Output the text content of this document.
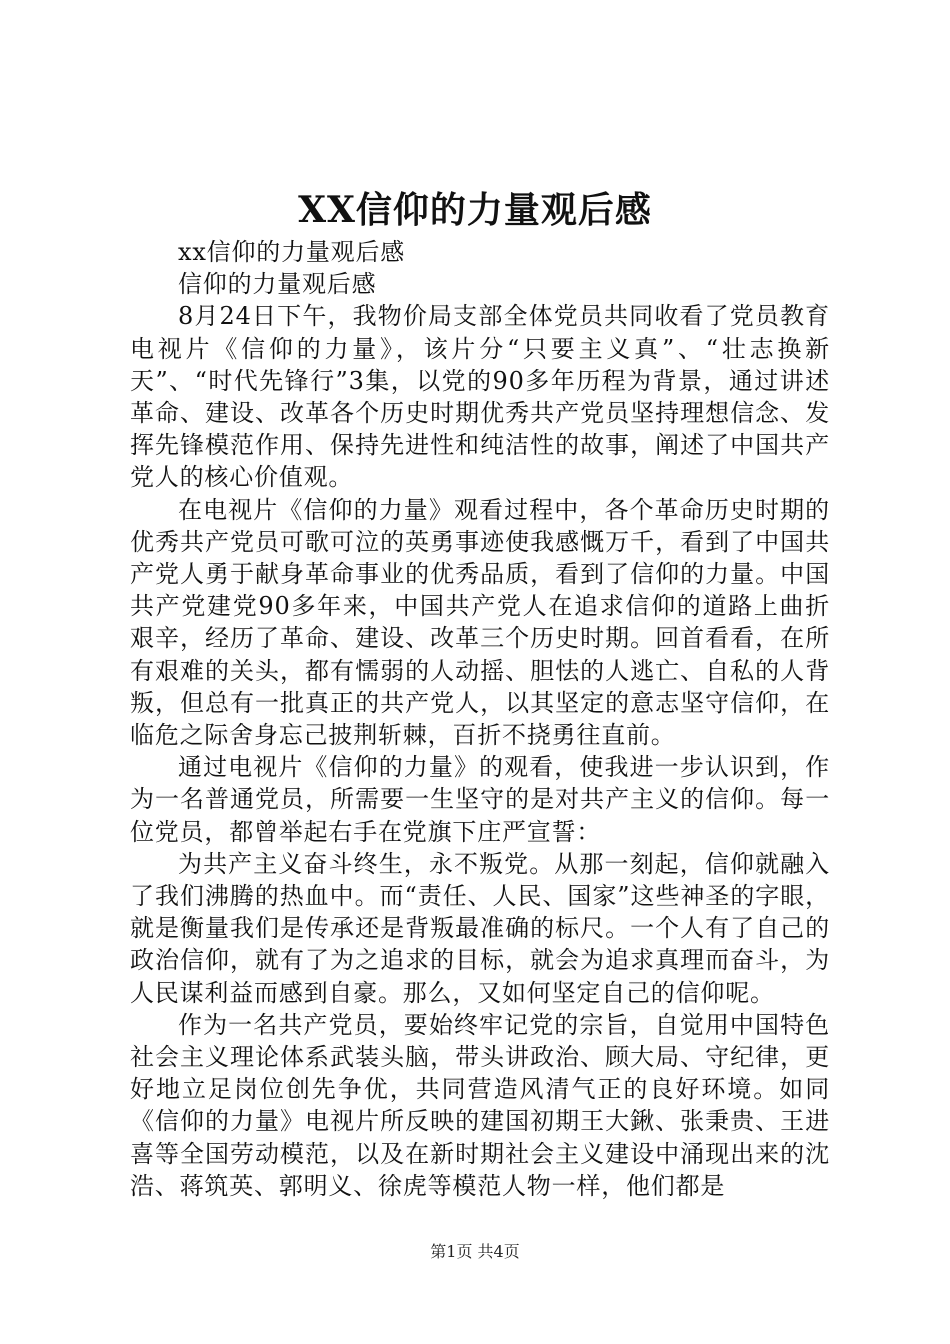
XX信仰的力量观后感

xx信仰的力量观后感

信仰的力量观后感

8月24日下午，我物价局支部全体党员共同收看了党员教育电视片《信仰的力量》，该片分“只要主义真”、“壮志换新天”、“时代先锋行”3集，以党的90多年历程为背景，通过讲述革命、建设、改革各个历史时期优秀共产党员坚持理想信念、发挥先锋模范作用、保持先进性和纯洁性的故事，阐述了中国共产党人的核心价值观。

在电视片《信仰的力量》观看过程中，各个革命历史时期的优秀共产党员可歌可泣的英勇事迹使我感慨万千，看到了中国共产党人勇于献身革命事业的优秀品质，看到了信仰的力量。中国共产党建党90多年来，中国共产党人在追求信仰的道路上曲折艰辛，经历了革命、建设、改革三个历史时期。回首看看，在所有艰难的关头，都有懦弱的人动摇、胆怯的人逃亡、自私的人背叛，但总有一批真正的共产党人，以其坚定的意志坚守信仰，在临危之际舍身忘己披荆斩棘，百折不挠勇往直前。

通过电视片《信仰的力量》的观看，使我进一步认识到，作为一名普通党员，所需要一生坚守的是对共产主义的信仰。每一位党员，都曾举起右手在党旗下庄严宣誓：

为共产主义奋斗终生，永不叛党。从那一刻起，信仰就融入了我们沸腾的热血中。而“责任、人民、国家”这些神圣的字眼，就是衡量我们是传承还是背叛最准确的标尺。一个人有了自己的政治信仰，就有了为之追求的目标，就会为追求真理而奋斗，为人民谋利益而感到自豪。那么，又如何坚定自己的信仰呢。

作为一名共产党员，要始终牢记党的宗旨，自觉用中国特色社会主义理论体系武装头脑，带头讲政治、顾大局、守纪律，更好地立足岗位创先争优，共同营造风清气正的良好环境。如同《信仰的力量》电视片所反映的建国初期王大鍬、张秉贵、王进喜等全国劳动模范，以及在新时期社会主义建设中涌现出来的沈浩、蒋筑英、郭明义、徐虎等模范人物一样，他们都是

第1页 共4页
